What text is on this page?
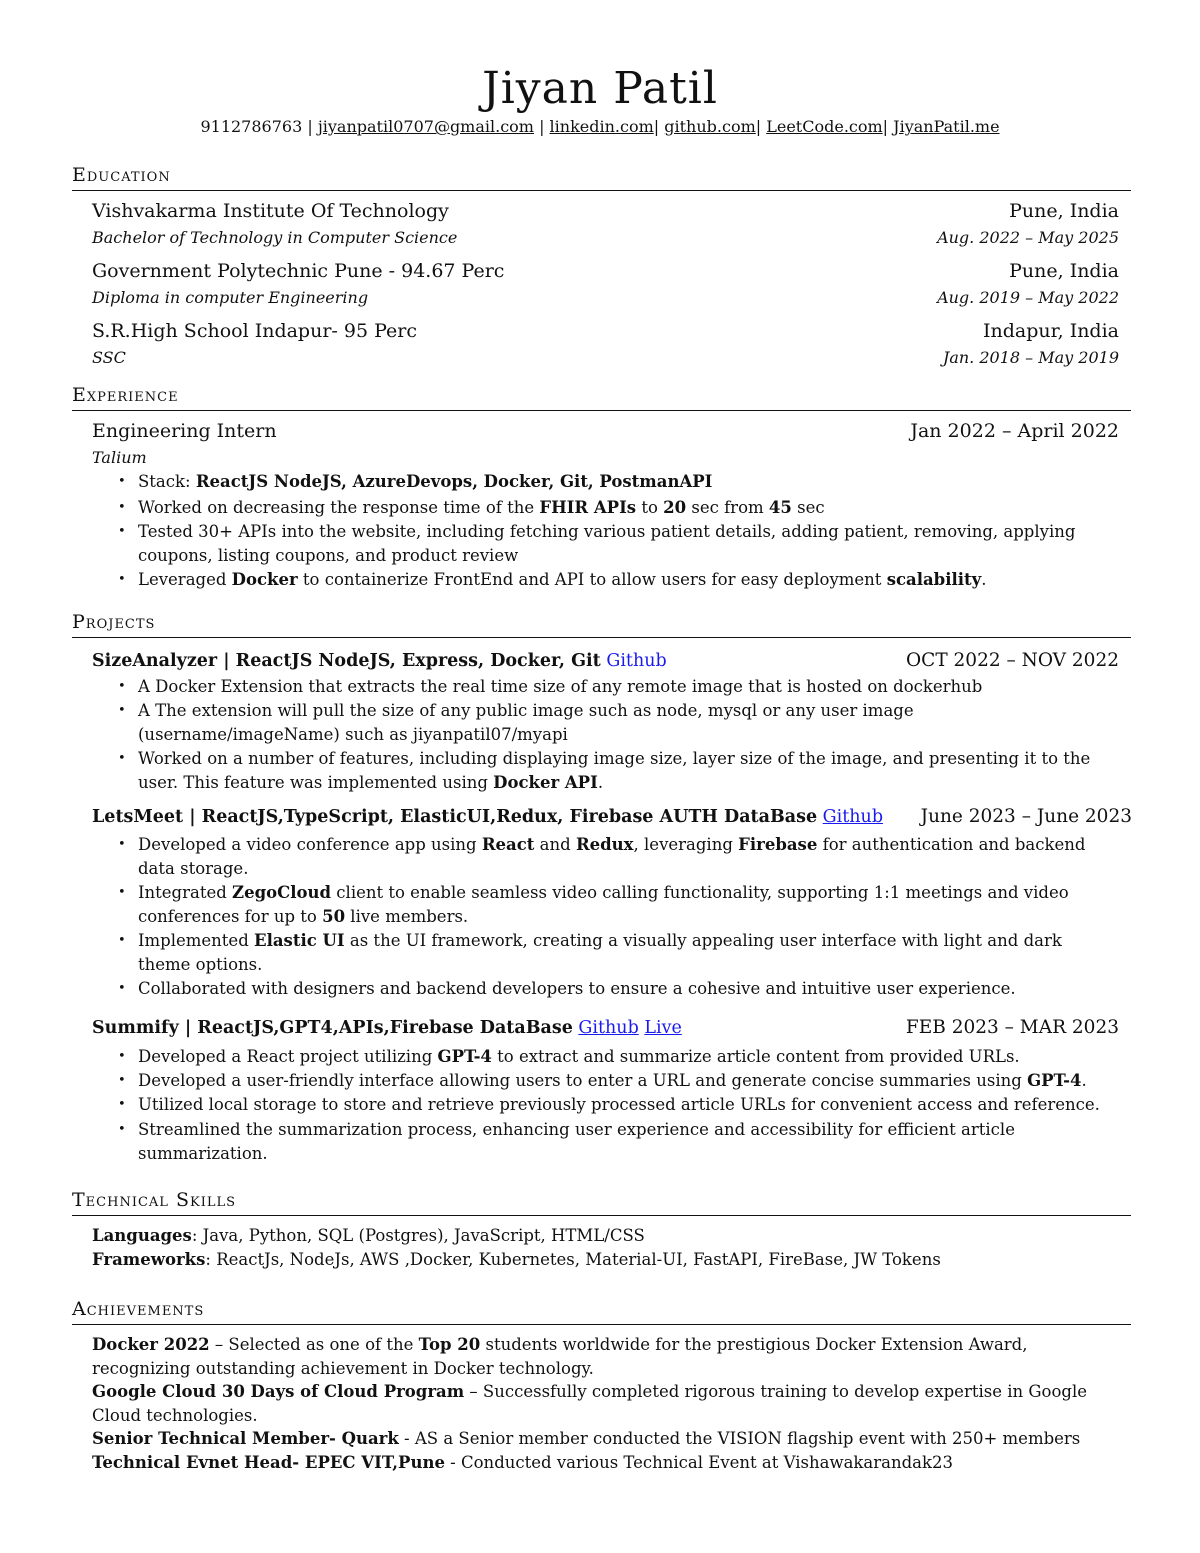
Jiyan Patil
9112786763 | jiyanpatil0707@gmail.com | linkedin.com| github.com| LeetCode.com| JiyanPatil.me
Education
Vishvakarma Institute Of Technology	Pune, India
Bachelor of Technology in Computer Science	Aug. 2022 – May 2025
Government Polytechnic Pune - 94.67 Perc	Pune, India
Diploma in computer Engineering	Aug. 2019 – May 2022
S.R.High School Indapur- 95 Perc	Indapur, India
SSC	Jan. 2018 – May 2019
Experience
Engineering Intern	Jan 2022 – April 2022
Talium
• Stack: ReactJS NodeJS, AzureDevops, Docker, Git, PostmanAPI
• Worked on decreasing the response time of the FHIR APIs to 20 sec from 45 sec
• Tested 30+ APIs into the website, including fetching various patient details, adding patient, removing, applying
coupons, listing coupons, and product review
• Leveraged Docker to containerize FrontEnd and API to allow users for easy deployment scalability.
Projects
SizeAnalyzer | ReactJS NodeJS, Express, Docker, Git Github	OCT 2022 – NOV 2022
• A Docker Extension that extracts the real time size of any remote image that is hosted on dockerhub
• A The extension will pull the size of any public image such as node, mysql or any user image
(username/imageName) such as jiyanpatil07/myapi
• Worked on a number of features, including displaying image size, layer size of the image, and presenting it to the
user. This feature was implemented using Docker API.
LetsMeet | ReactJS,TypeScript, ElasticUI,Redux, Firebase AUTH DataBase Github June 2023 – June 2023
• Developed a video conference app using React and Redux, leveraging Firebase for authentication and backend
data storage.
• Integrated ZegoCloud client to enable seamless video calling functionality, supporting 1:1 meetings and video
conferences for up to 50 live members.
• Implemented Elastic UI as the UI framework, creating a visually appealing user interface with light and dark
theme options.
• Collaborated with designers and backend developers to ensure a cohesive and intuitive user experience.
Summify | ReactJS,GPT4,APIs,Firebase DataBase Github Live	FEB 2023 – MAR 2023
• Developed a React project utilizing GPT-4 to extract and summarize article content from provided URLs.
• Developed a user-friendly interface allowing users to enter a URL and generate concise summaries using GPT-4.
• Utilized local storage to store and retrieve previously processed article URLs for convenient access and reference.
• Streamlined the summarization process, enhancing user experience and accessibility for efficient article
summarization.
Technical Skills
Languages: Java, Python, SQL (Postgres), JavaScript, HTML/CSS
Frameworks: ReactJs, NodeJs, AWS ,Docker, Kubernetes, Material-UI, FastAPI, FireBase, JW Tokens
Achievements
Docker 2022 – Selected as one of the Top 20 students worldwide for the prestigious Docker Extension Award,
recognizing outstanding achievement in Docker technology.
Google Cloud 30 Days of Cloud Program – Successfully completed rigorous training to develop expertise in Google
Cloud technologies.
Senior Technical Member- Quark - AS a Senior member conducted the VISION flagship event with 250+ members
Technical Evnet Head- EPEC VIT,Pune - Conducted various Technical Event at Vishawakarandak23
